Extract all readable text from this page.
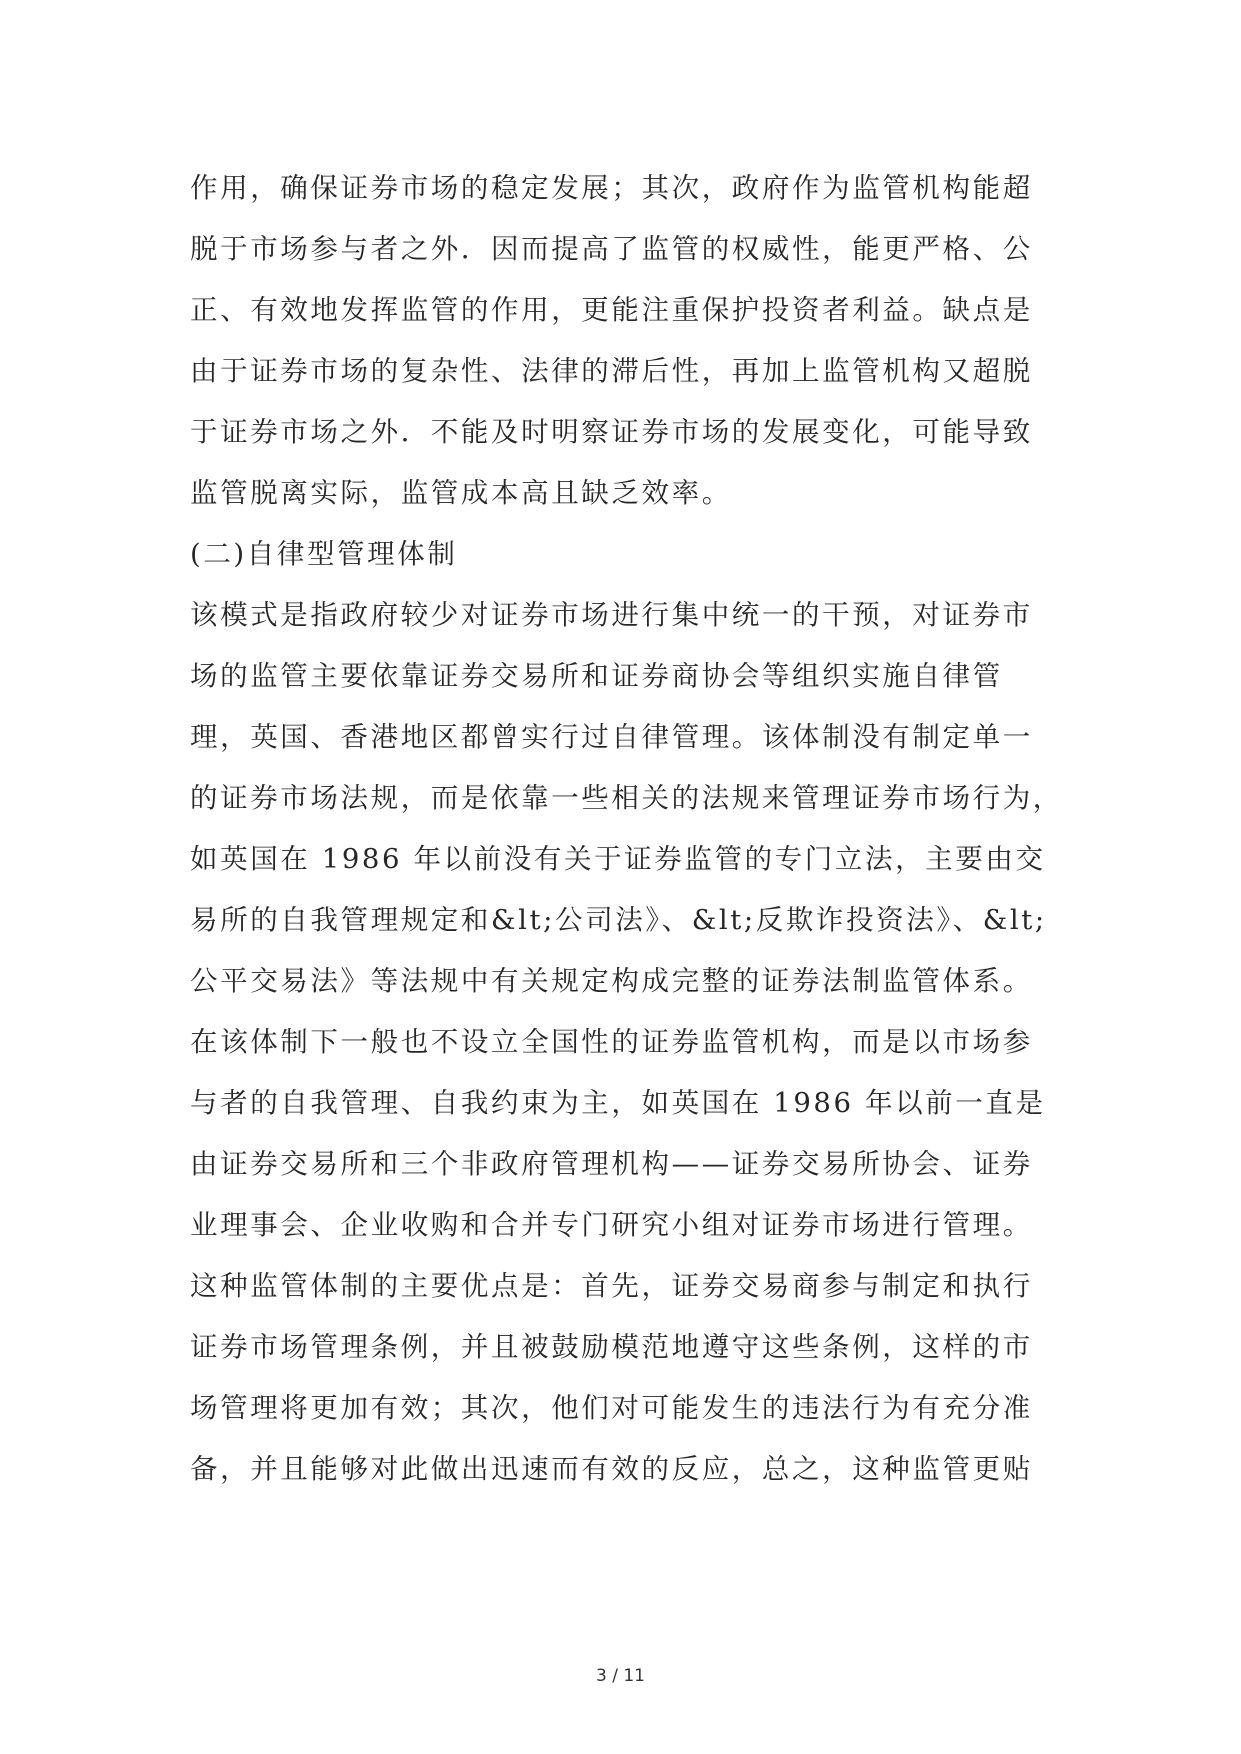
作用，确保证券市场的稳定发展；其次，政府作为监管机构能超
脱于市场参与者之外．因而提高了监管的权威性，能更严格、公
正、有效地发挥监管的作用，更能注重保护投资者利益。缺点是
由于证券市场的复杂性、法律的滞后性，再加上监管机构又超脱
于证券市场之外．不能及时明察证券市场的发展变化，可能导致
监管脱离实际，监管成本高且缺乏效率。
(二)自律型管理体制
该模式是指政府较少对证券市场进行集中统一的干预，对证券市
场的监管主要依靠证券交易所和证券商协会等组织实施自律管
理，英国、香港地区都曾实行过自律管理。该体制没有制定单一
的证券市场法规，而是依靠一些相关的法规来管理证券市场行为，
如英国在 1986 年以前没有关于证券监管的专门立法，主要由交
易所的自我管理规定和&lt;公司法》、&lt;反欺诈投资法》、&lt;
公平交易法》等法规中有关规定构成完整的证券法制监管体系。
在该体制下一般也不设立全国性的证券监管机构，而是以市场参
与者的自我管理、自我约束为主，如英国在 1986 年以前一直是
由证券交易所和三个非政府管理机构——证券交易所协会、证券
业理事会、企业收购和合并专门研究小组对证券市场进行管理。
这种监管体制的主要优点是：首先，证券交易商参与制定和执行
证券市场管理条例，并且被鼓励模范地遵守这些条例，这样的市
场管理将更加有效；其次，他们对可能发生的违法行为有充分准
备，并且能够对此做出迅速而有效的反应，总之，这种监管更贴
3 / 11
